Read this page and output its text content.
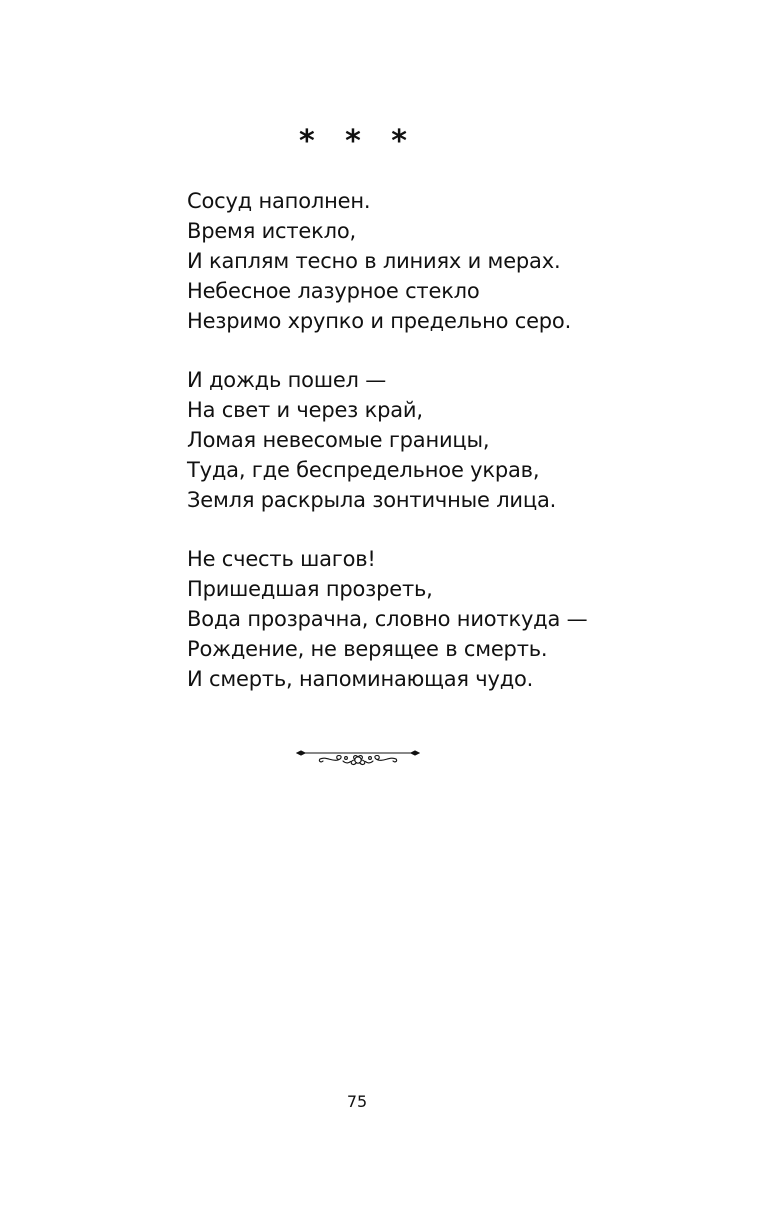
* * *
Сосуд наполнен.
Время истекло,
И каплям тесно в линиях и мерах.
Небесное лазурное стекло
Незримо хрупко и предельно серо.
И дождь пошел —
На свет и через край,
Ломая невесомые границы,
Туда, где беспредельное украв,
Земля раскрыла зонтичные лица.
Не счесть шагов!
Пришедшая прозреть,
Вода прозрачна, словно ниоткуда —
Рождение, не верящее в смерть.
И смерть, напоминающая чудо.
75
